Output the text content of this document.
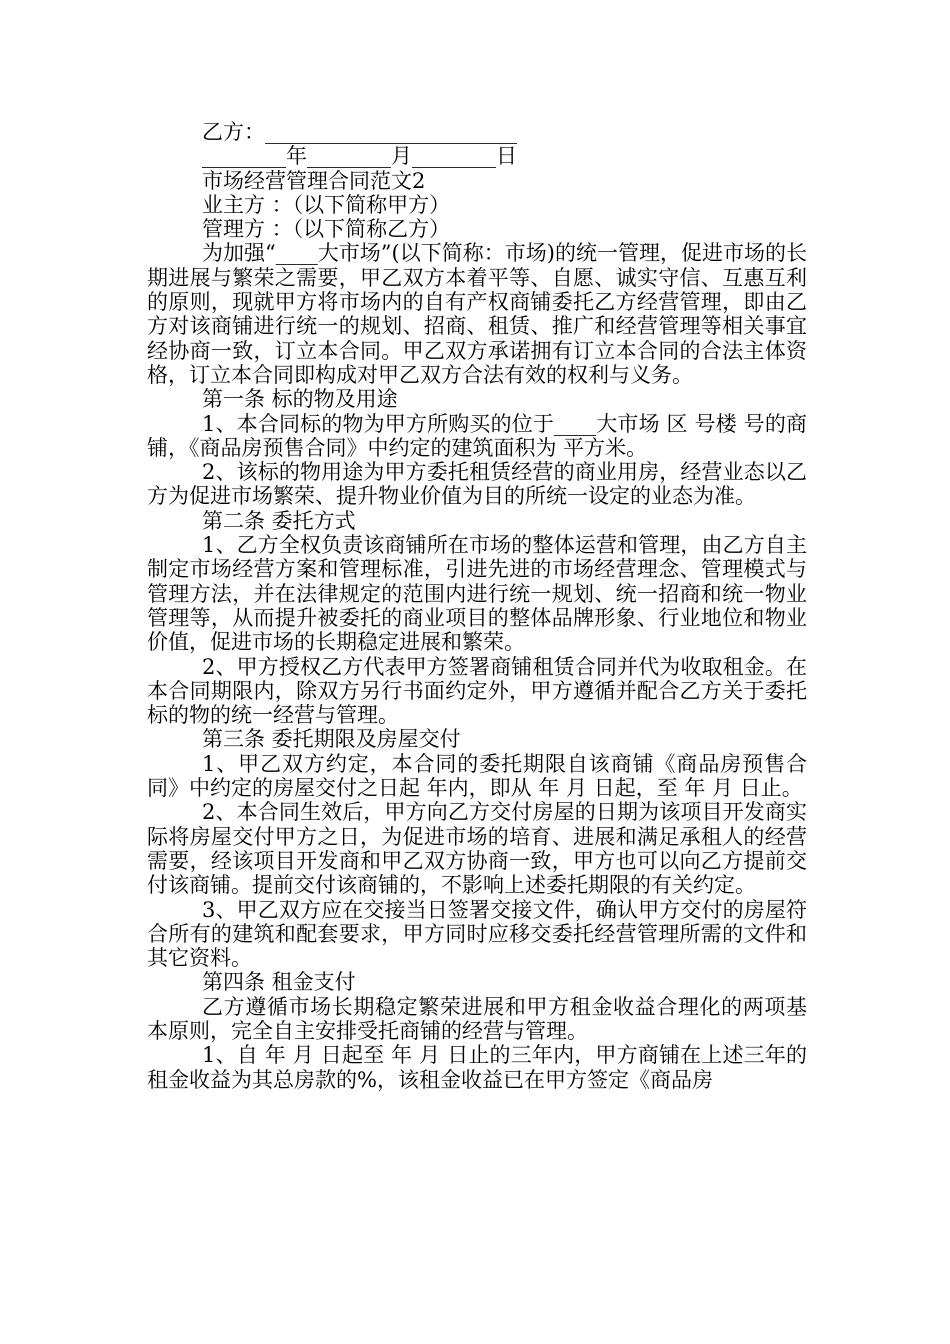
乙方：________________________
________年________月________日
市场经营管理合同范文2
业主方 ：（以下简称甲方）
管理方 ：（以下简称乙方）

为加强“____大市场”(以下简称：市场)的统一管理，促进市场的长期进展与繁荣之需要，甲乙双方本着平等、自愿、诚实守信、互惠互利的原则，现就甲方将市场内的自有产权商铺委托乙方经营管理，即由乙方对该商铺进行统一的规划、招商、租赁、推广和经营管理等相关事宜经协商一致，订立本合同。甲乙双方承诺拥有订立本合同的合法主体资格，订立本合同即构成对甲乙双方合法有效的权利与义务。

第一条 标的物及用途

1、本合同标的物为甲方所购买的位于____大市场 区 号楼 号的商铺，《商品房预售合同》中约定的建筑面积为 平方米。

2、该标的物用途为甲方委托租赁经营的商业用房，经营业态以乙方为促进市场繁荣、提升物业价值为目的所统一设定的业态为准。

第二条 委托方式

1、乙方全权负责该商铺所在市场的整体运营和管理，由乙方自主制定市场经营方案和管理标准，引进先进的市场经营理念、管理模式与管理方法，并在法律规定的范围内进行统一规划、统一招商和统一物业管理等，从而提升被委托的商业项目的整体品牌形象、行业地位和物业价值，促进市场的长期稳定进展和繁荣。

2、甲方授权乙方代表甲方签署商铺租赁合同并代为收取租金。在本合同期限内，除双方另行书面约定外，甲方遵循并配合乙方关于委托标的物的统一经营与管理。

第三条 委托期限及房屋交付

1、甲乙双方约定，本合同的委托期限自该商铺《商品房预售合同》中约定的房屋交付之日起 年内，即从 年 月 日起，至 年 月 日止。

2、本合同生效后，甲方向乙方交付房屋的日期为该项目开发商实际将房屋交付甲方之日，为促进市场的培育、进展和满足承租人的经营需要，经该项目开发商和甲乙双方协商一致，甲方也可以向乙方提前交付该商铺。提前交付该商铺的，不影响上述委托期限的有关约定。

3、甲乙双方应在交接当日签署交接文件，确认甲方交付的房屋符合所有的建筑和配套要求，甲方同时应移交委托经营管理所需的文件和其它资料。

第四条 租金支付

乙方遵循市场长期稳定繁荣进展和甲方租金收益合理化的两项基本原则，完全自主安排受托商铺的经营与管理。

1、自 年 月 日起至 年 月 日止的三年内，甲方商铺在上述三年的租金收益为其总房款的%，该租金收益已在甲方签定《商品房
